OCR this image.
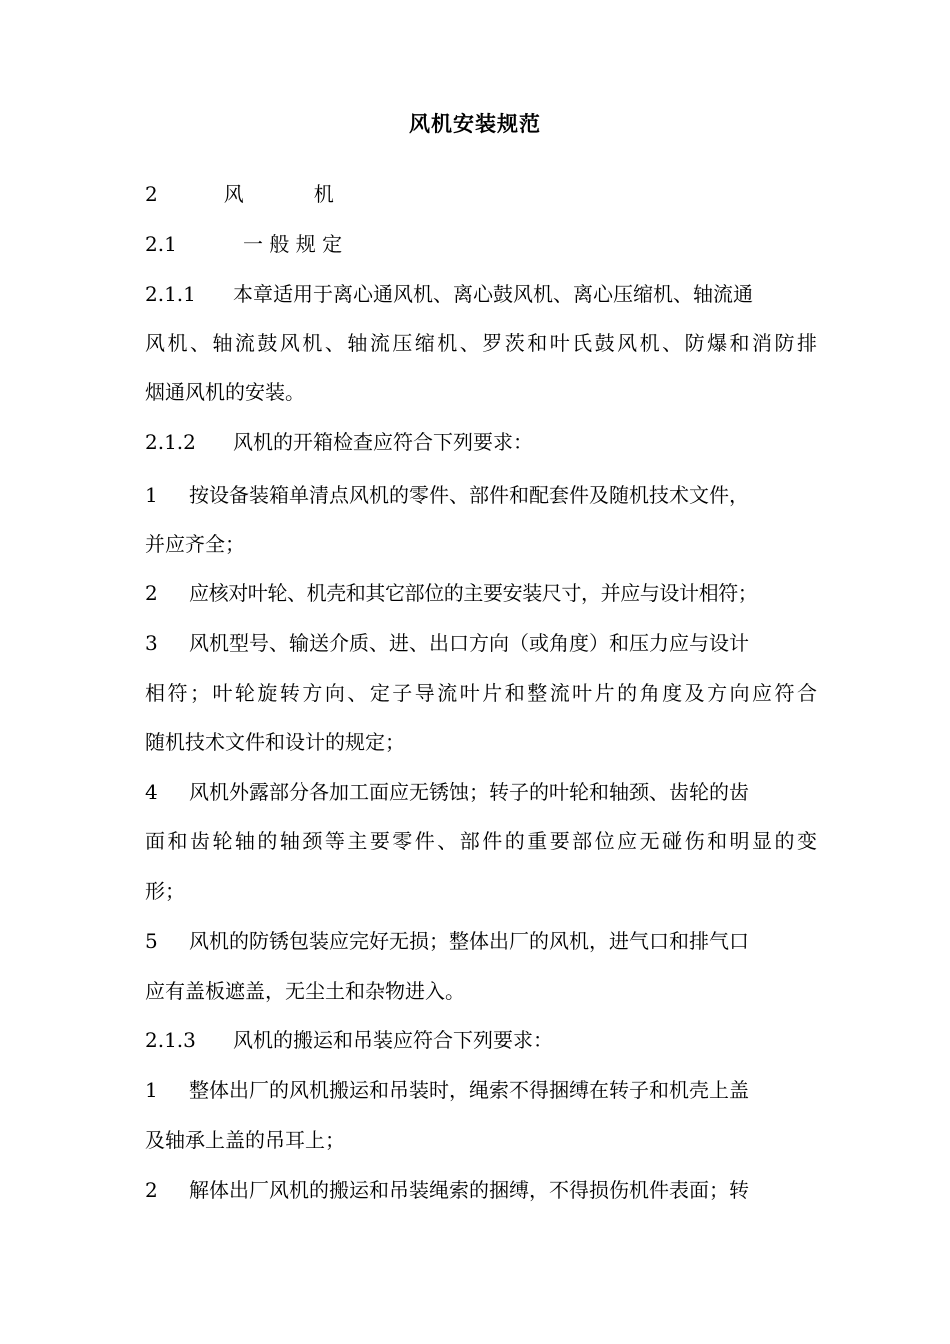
风机安装规范
2	风	机
2.1	一 般 规 定
2.1.1 本章适用于离心通风机、离心鼓风机、离心压缩机、轴流通
风机、轴流鼓风机、轴流压缩机、罗茨和叶氏鼓风机、防爆和消防排
烟通风机的安装。
2.1.2 风机的开箱检查应符合下列要求：
1 按设备装箱单清点风机的零件、部件和配套件及随机技术文件，
并应齐全；
2 应核对叶轮、机壳和其它部位的主要安装尺寸，并应与设计相符；
3 风机型号、输送介质、进、出口方向（或角度）和压力应与设计
相符；叶轮旋转方向、定子导流叶片和整流叶片的角度及方向应符合
随机技术文件和设计的规定；
4 风机外露部分各加工面应无锈蚀；转子的叶轮和轴颈、齿轮的齿
面和齿轮轴的轴颈等主要零件、部件的重要部位应无碰伤和明显的变
形；
5 风机的防锈包装应完好无损；整体出厂的风机，进气口和排气口
应有盖板遮盖，无尘土和杂物进入。
2.1.3 风机的搬运和吊装应符合下列要求：
1 整体出厂的风机搬运和吊装时，绳索不得捆缚在转子和机壳上盖
及轴承上盖的吊耳上；
2 解体出厂风机的搬运和吊装绳索的捆缚，不得损伤机件表面；转
